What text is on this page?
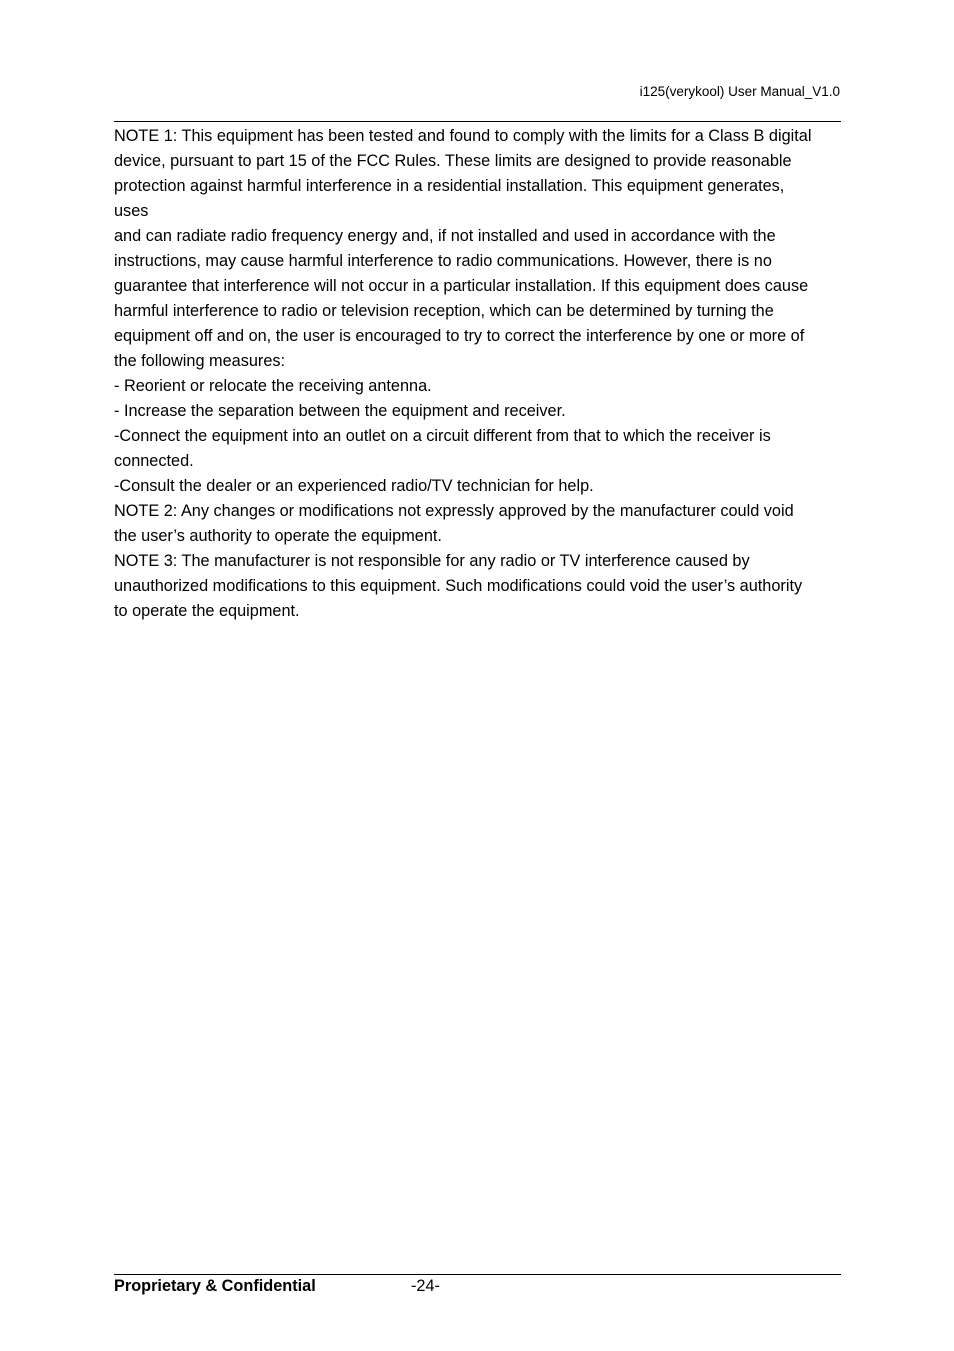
i125(verykool) User Manual_V1.0

NOTE 1: This equipment has been tested and found to comply with the limits for a Class B digital

device, pursuant to part 15 of the FCC Rules. These limits are designed to provide reasonable

protection against harmful interference in a residential installation. This equipment generates,

uses

and can radiate radio frequency energy and, if not installed and used in accordance with the

instructions, may cause harmful interference to radio communications. However, there is no

guarantee that interference will not occur in a particular installation. If this equipment does cause

harmful interference to radio or television reception, which can be determined by turning the

equipment off and on, the user is encouraged to try to correct the interference by one or more of

the following measures:

- Reorient or relocate the receiving antenna.

- Increase the separation between the equipment and receiver.

-Connect the equipment into an outlet on a circuit different from that to which the receiver is

connected.

-Consult the dealer or an experienced radio/TV technician for help.

NOTE 2: Any changes or modifications not expressly approved by the manufacturer could void

the user’s authority to operate the equipment.

NOTE 3: The manufacturer is not responsible for any radio or TV interference caused by

unauthorized modifications to this equipment. Such modifications could void the user’s authority

to operate the equipment.

Proprietary & Confidential	-24-
